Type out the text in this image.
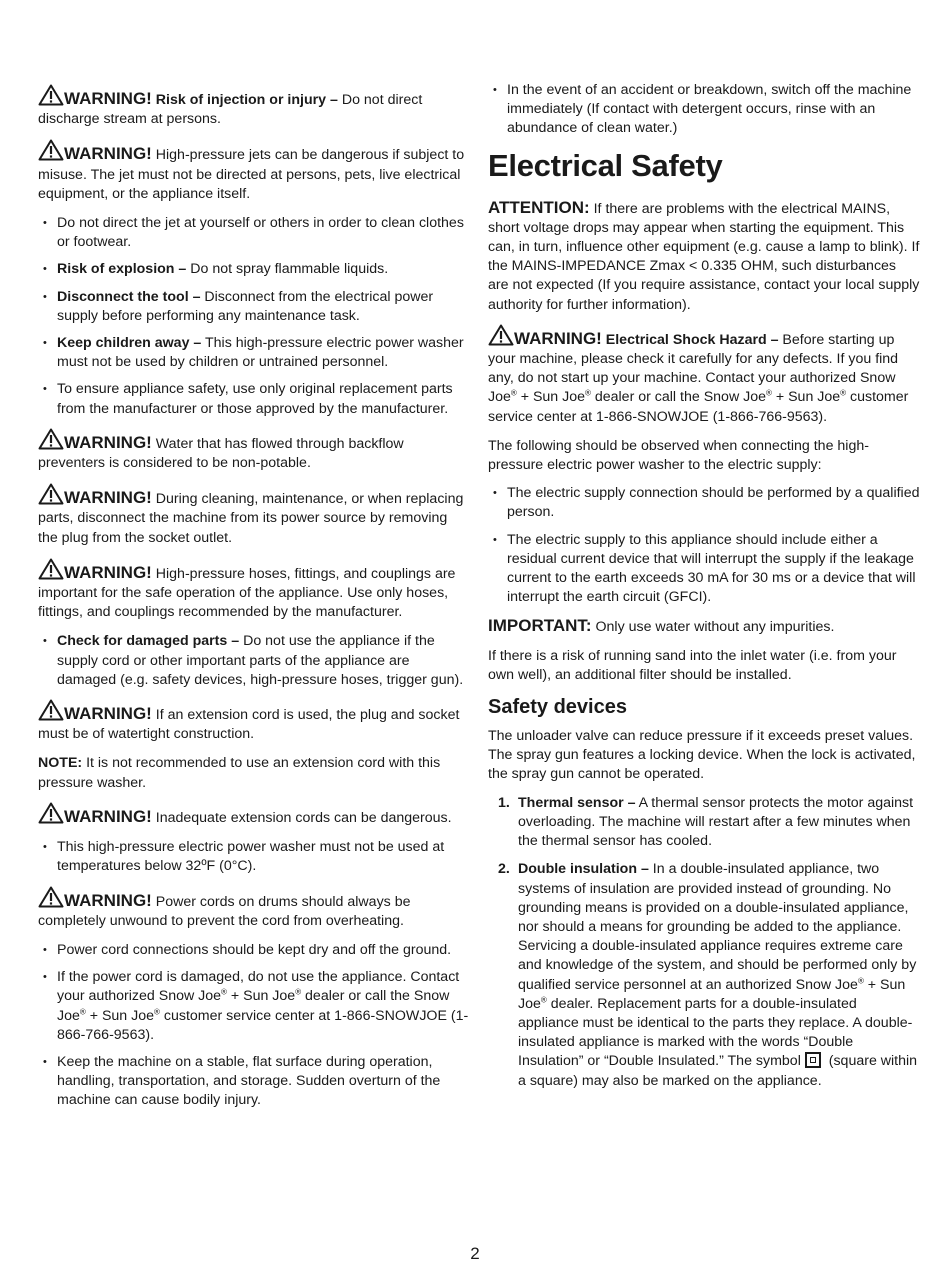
WARNING! Risk of injection or injury – Do not direct discharge stream at persons.

WARNING! High-pressure jets can be dangerous if subject to misuse. The jet must not be directed at persons, pets, live electrical equipment, or the appliance itself.

• Do not direct the jet at yourself or others in order to clean clothes or footwear.
• Risk of explosion – Do not spray flammable liquids.
• Disconnect the tool – Disconnect from the electrical power supply before performing any maintenance task.
• Keep children away – This high-pressure electric power washer must not be used by children or untrained personnel.
• To ensure appliance safety, use only original replacement parts from the manufacturer or those approved by the manufacturer.

WARNING! Water that has flowed through backflow preventers is considered to be non-potable.

WARNING! During cleaning, maintenance, or when replacing parts, disconnect the machine from its power source by removing the plug from the socket outlet.

WARNING! High-pressure hoses, fittings, and couplings are important for the safe operation of the appliance. Use only hoses, fittings, and couplings recommended by the manufacturer.

• Check for damaged parts – Do not use the appliance if the supply cord or other important parts of the appliance are damaged (e.g. safety devices, high-pressure hoses, trigger gun).

WARNING! If an extension cord is used, the plug and socket must be of watertight construction.

NOTE: It is not recommended to use an extension cord with this pressure washer.

WARNING! Inadequate extension cords can be dangerous.

• This high-pressure electric power washer must not be used at temperatures below 32ºF (0°C).

WARNING! Power cords on drums should always be completely unwound to prevent the cord from overheating.

• Power cord connections should be kept dry and off the ground.
• If the power cord is damaged, do not use the appliance. Contact your authorized Snow Joe® + Sun Joe® dealer or call the Snow Joe® + Sun Joe® customer service center at 1-866-SNOWJOE (1-866-766-9563).
• Keep the machine on a stable, flat surface during operation, handling, transportation, and storage. Sudden overturn of the machine can cause bodily injury.
• In the event of an accident or breakdown, switch off the machine immediately (If contact with detergent occurs, rinse with an abundance of clean water.)
Electrical Safety

ATTENTION: If there are problems with the electrical MAINS, short voltage drops may appear when starting the equipment. This can, in turn, influence other equipment (e.g. cause a lamp to blink). If the MAINS-IMPEDANCE Zmax < 0.335 OHM, such disturbances are not expected (If you require assistance, contact your local supply authority for further information).

WARNING! Electrical Shock Hazard – Before starting up your machine, please check it carefully for any defects. If you find any, do not start up your machine. Contact your authorized Snow Joe® + Sun Joe® dealer or call the Snow Joe® + Sun Joe® customer service center at 1-866-SNOWJOE (1-866-766-9563).

The following should be observed when connecting the high-pressure electric power washer to the electric supply:

• The electric supply connection should be performed by a qualified person.
• The electric supply to this appliance should include either a residual current device that will interrupt the supply if the leakage current to the earth exceeds 30 mA for 30 ms or a device that will interrupt the earth circuit (GFCI).

IMPORTANT: Only use water without any impurities.

If there is a risk of running sand into the inlet water (i.e. from your own well), an additional filter should be installed.

Safety devices

The unloader valve can reduce pressure if it exceeds preset values. The spray gun features a locking device. When the lock is activated, the spray gun cannot be operated.

1. Thermal sensor – A thermal sensor protects the motor against overloading. The machine will restart after a few minutes when the thermal sensor has cooled.
2. Double insulation – In a double-insulated appliance, two systems of insulation are provided instead of grounding. No grounding means is provided on a double-insulated appliance, nor should a means for grounding be added to the appliance. Servicing a double-insulated appliance requires extreme care and knowledge of the system, and should be performed only by qualified service personnel at an authorized Snow Joe® + Sun Joe® dealer. Replacement parts for a double-insulated appliance must be identical to the parts they replace. A double-insulated appliance is marked with the words “Double Insulation” or “Double Insulated.” The symbol  (square within a square) may also be marked on the appliance.
2
